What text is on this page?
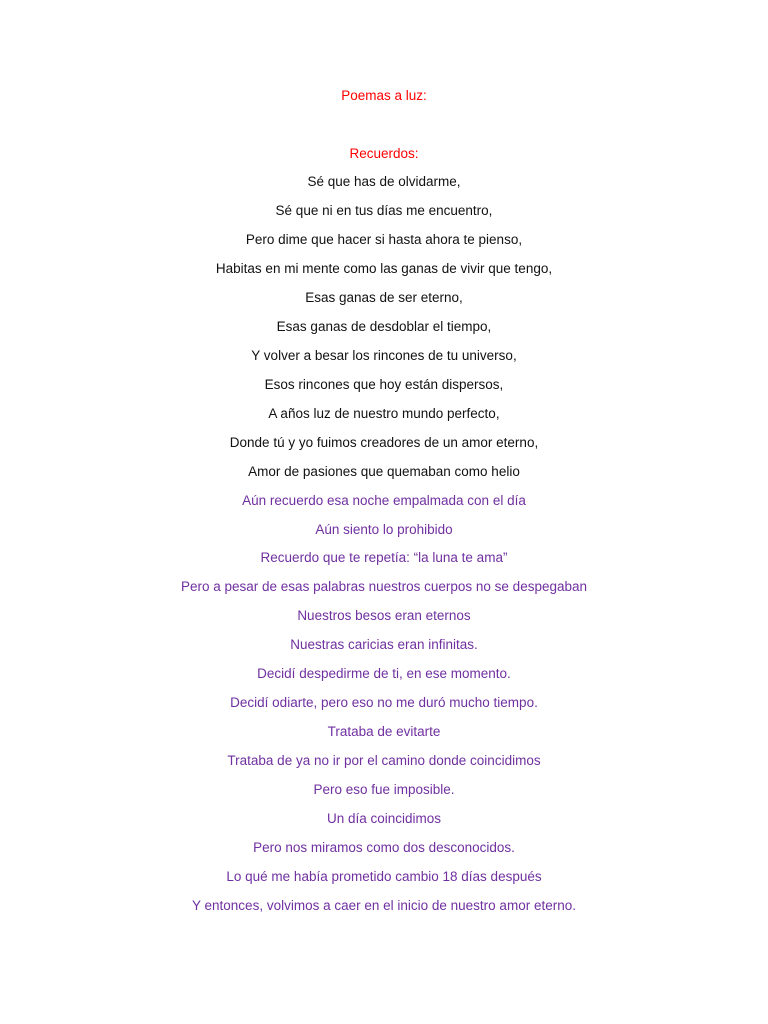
Poemas a luz:
Recuerdos:
Sé que has de olvidarme,
Sé que ni en tus días me encuentro,
Pero dime que hacer si hasta ahora te pienso,
Habitas en mi mente como las ganas de vivir que tengo,
Esas ganas de ser eterno,
Esas ganas de desdoblar el tiempo,
Y volver a besar los rincones de tu universo,
Esos rincones que hoy están dispersos,
A años luz de nuestro mundo perfecto,
Donde tú y yo fuimos creadores de un amor eterno,
Amor de pasiones que quemaban como helio
Aún recuerdo esa noche empalmada con el día
Aún siento lo prohibido
Recuerdo que te repetía: “la luna te ama”
Pero a pesar de esas palabras nuestros cuerpos no se despegaban
Nuestros besos eran eternos
Nuestras caricias eran infinitas.
Decidí despedirme de ti, en ese momento.
Decidí odiarte, pero eso no me duró mucho tiempo.
Trataba de evitarte
Trataba de ya no ir por el camino donde coincidimos
Pero eso fue imposible.
Un día coincidimos
Pero nos miramos como dos desconocidos.
Lo qué me había prometido cambio 18 días después
Y entonces, volvimos a caer en el inicio de nuestro amor eterno.
